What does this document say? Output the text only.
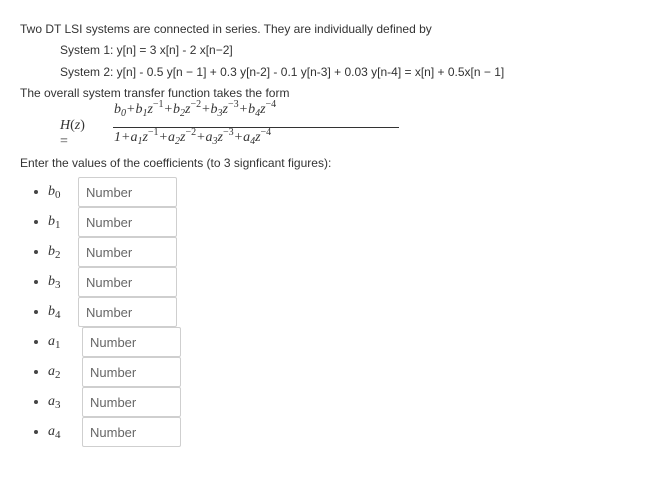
Two DT LSI systems are connected in series. They are individually defined by
System 1: y[n] = 3 x[n] - 2 x[n−2]
System 2: y[n] - 0.5 y[n − 1] + 0.3 y[n-2] - 0.1 y[n-3] + 0.03 y[n-4] = x[n] + 0.5x[n − 1]
The overall system transfer function takes the form
H(z) =
$b_0+b_1z^{-1}+b_2z^{-2}+b_3z^{-3}+b_4z^{-4}$
$1+a_1z^{-1}+a_2z^{-2}+a_3z^{-3}+a_4z^{-4}$
Enter the values of the coefficients (to 3 signficant figures):
$b_0$
Number
$b_1$
Number
$b_2$
Number
$b_3$
Number
$b_4$
Number
$a_1$
Number
$a_2$
Number
$a_3$
Number
$a_4$
Number
